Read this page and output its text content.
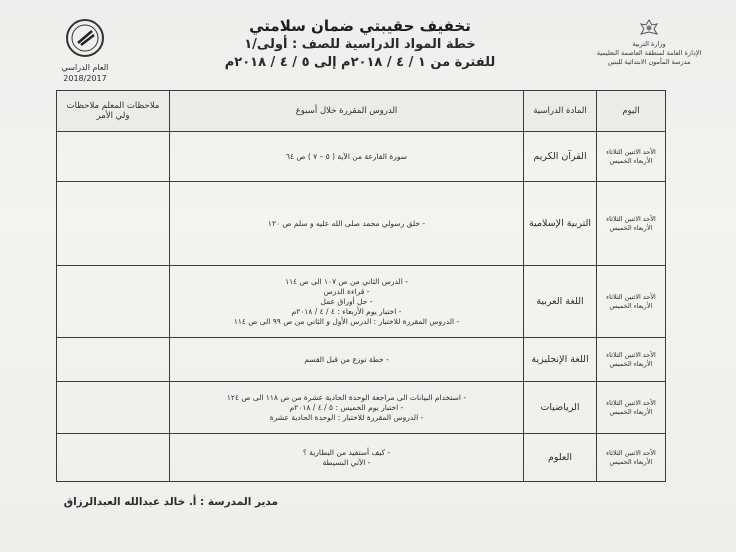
وزارة التربية
الإدارة العامة لمنطقة العاصمة التعليمية
مدرسة المأمون الابتدائية للبنين
تخفيف حقيبتي ضمان سلامتي
خطة المواد الدراسية للصف : أولى/١
للفترة من ١ / ٤ / ٢٠١٨م إلى ٥ / ٤ / ٢٠١٨م
العام الدراسي
2018/2017
اليوم	المادة الدراسية	الدروس المقررة خلال أسبوع	ملاحظات المعلم ملاحظات ولي الأمر
الأحد الاثنين الثلاثاء الأربعاء الخميس	القرآن الكريم	سورة القارعة من الآية ( ٥ – ٧ ) ص ٦٤	

الأحد الاثنين الثلاثاء الأربعاء الخميس	التربية الإسلامية	- خلق رسولي محمد صلى الله عليه و سلم ص ١٢٠	

الأحد الاثنين الثلاثاء الأربعاء الخميس	اللغة العربية	- الدرس الثاني من ص ١٠٧ الى ص ١١٤
- قراءة الدرس
- حل أوراق عمل
- اختبار يوم الأربعاء : ٤ / ٤ / ٢٠١٨م
- الدروس المقررة للاختبار : الدرس الأول و الثاني من ص ٩٩ الى ص ١١٤	

الأحد الاثنين الثلاثاء الأربعاء الخميس	اللغة الإنجليزية	- خطة توزع من قبل القسم	

الأحد الاثنين الثلاثاء الأربعاء الخميس	الرياضيات	- استخدام البيانات الى مراجعة الوحدة الحادية عشرة من ص ١١٨ الى ص ١٢٤
- اختبار يوم الخميس : ٥ / ٤ / ٢٠١٨م
- الدروس المقررة للاختبار : الوحدة الحادية عشرة	

الأحد الاثنين الثلاثاء الأربعاء الخميس	العلوم	- كيف أستفيد من البطارية ؟
- الآتي البسيطة	

مدير المدرسة : أ. خالد عبدالله العبدالرزاق
